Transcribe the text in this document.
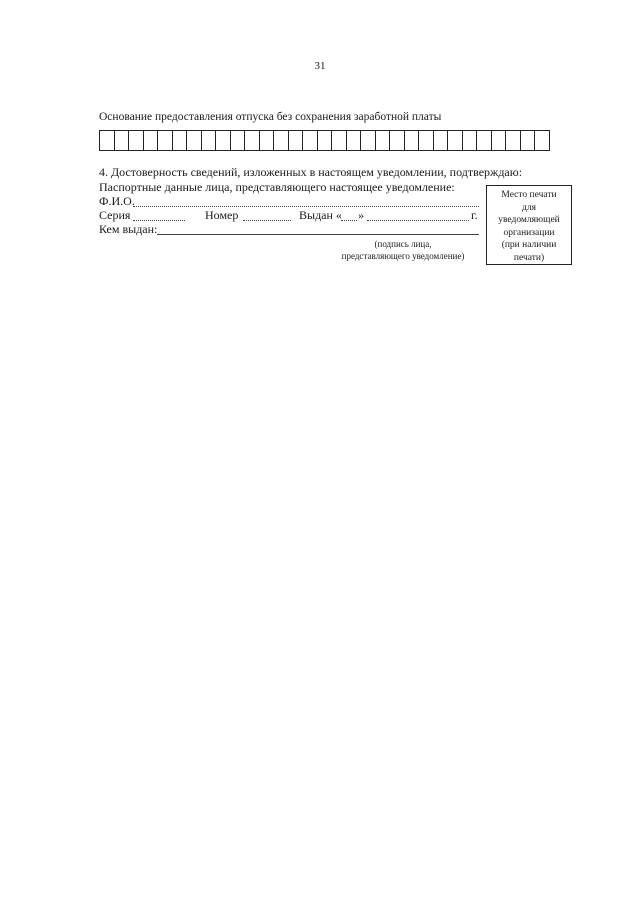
31
Основание предоставления отпуска без сохранения заработной платы
4. Достоверность сведений, изложенных в настоящем уведомлении, подтверждаю:
Паспортные данные лица, представляющего настоящее уведомление:
Ф.И.О.
Серия	Номер	Выдан « »	г.
Кем выдан:
(подпись лица,
представляющего уведомление)
Место печати
для
уведомляющей
организации
(при наличии
печати)
